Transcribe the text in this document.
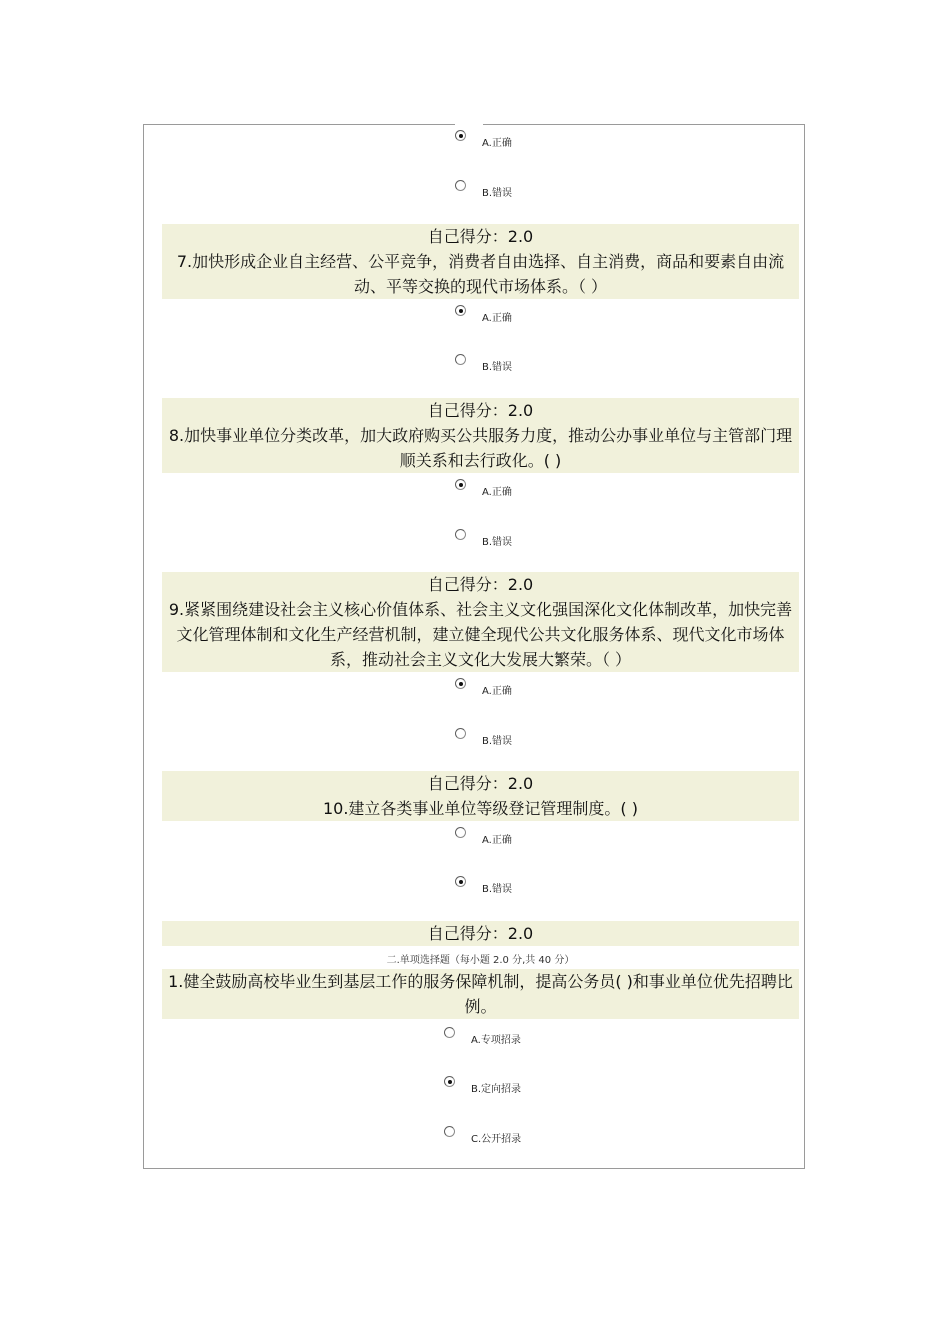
A.正确
B.错误
自己得分：2.0
7.加快形成企业自主经营、公平竞争，消费者自由选择、自主消费，商品和要素自由流动、平等交换的现代市场体系。（ ）
A.正确
B.错误
自己得分：2.0
8.加快事业单位分类改革，加大政府购买公共服务力度，推动公办事业单位与主管部门理顺关系和去行政化。( )
A.正确
B.错误
自己得分：2.0
9.紧紧围绕建设社会主义核心价值体系、社会主义文化强国深化文化体制改革，加快完善文化管理体制和文化生产经营机制，建立健全现代公共文化服务体系、现代文化市场体系，推动社会主义文化大发展大繁荣。（ ）
A.正确
B.错误
自己得分：2.0
10.建立各类事业单位等级登记管理制度。( )
A.正确
B.错误
自己得分：2.0
二.单项选择题（每小题 2.0 分,共 40 分）
1.健全鼓励高校毕业生到基层工作的服务保障机制，提高公务员( )和事业单位优先招聘比例。
A.专项招录
B.定向招录
C.公开招录
